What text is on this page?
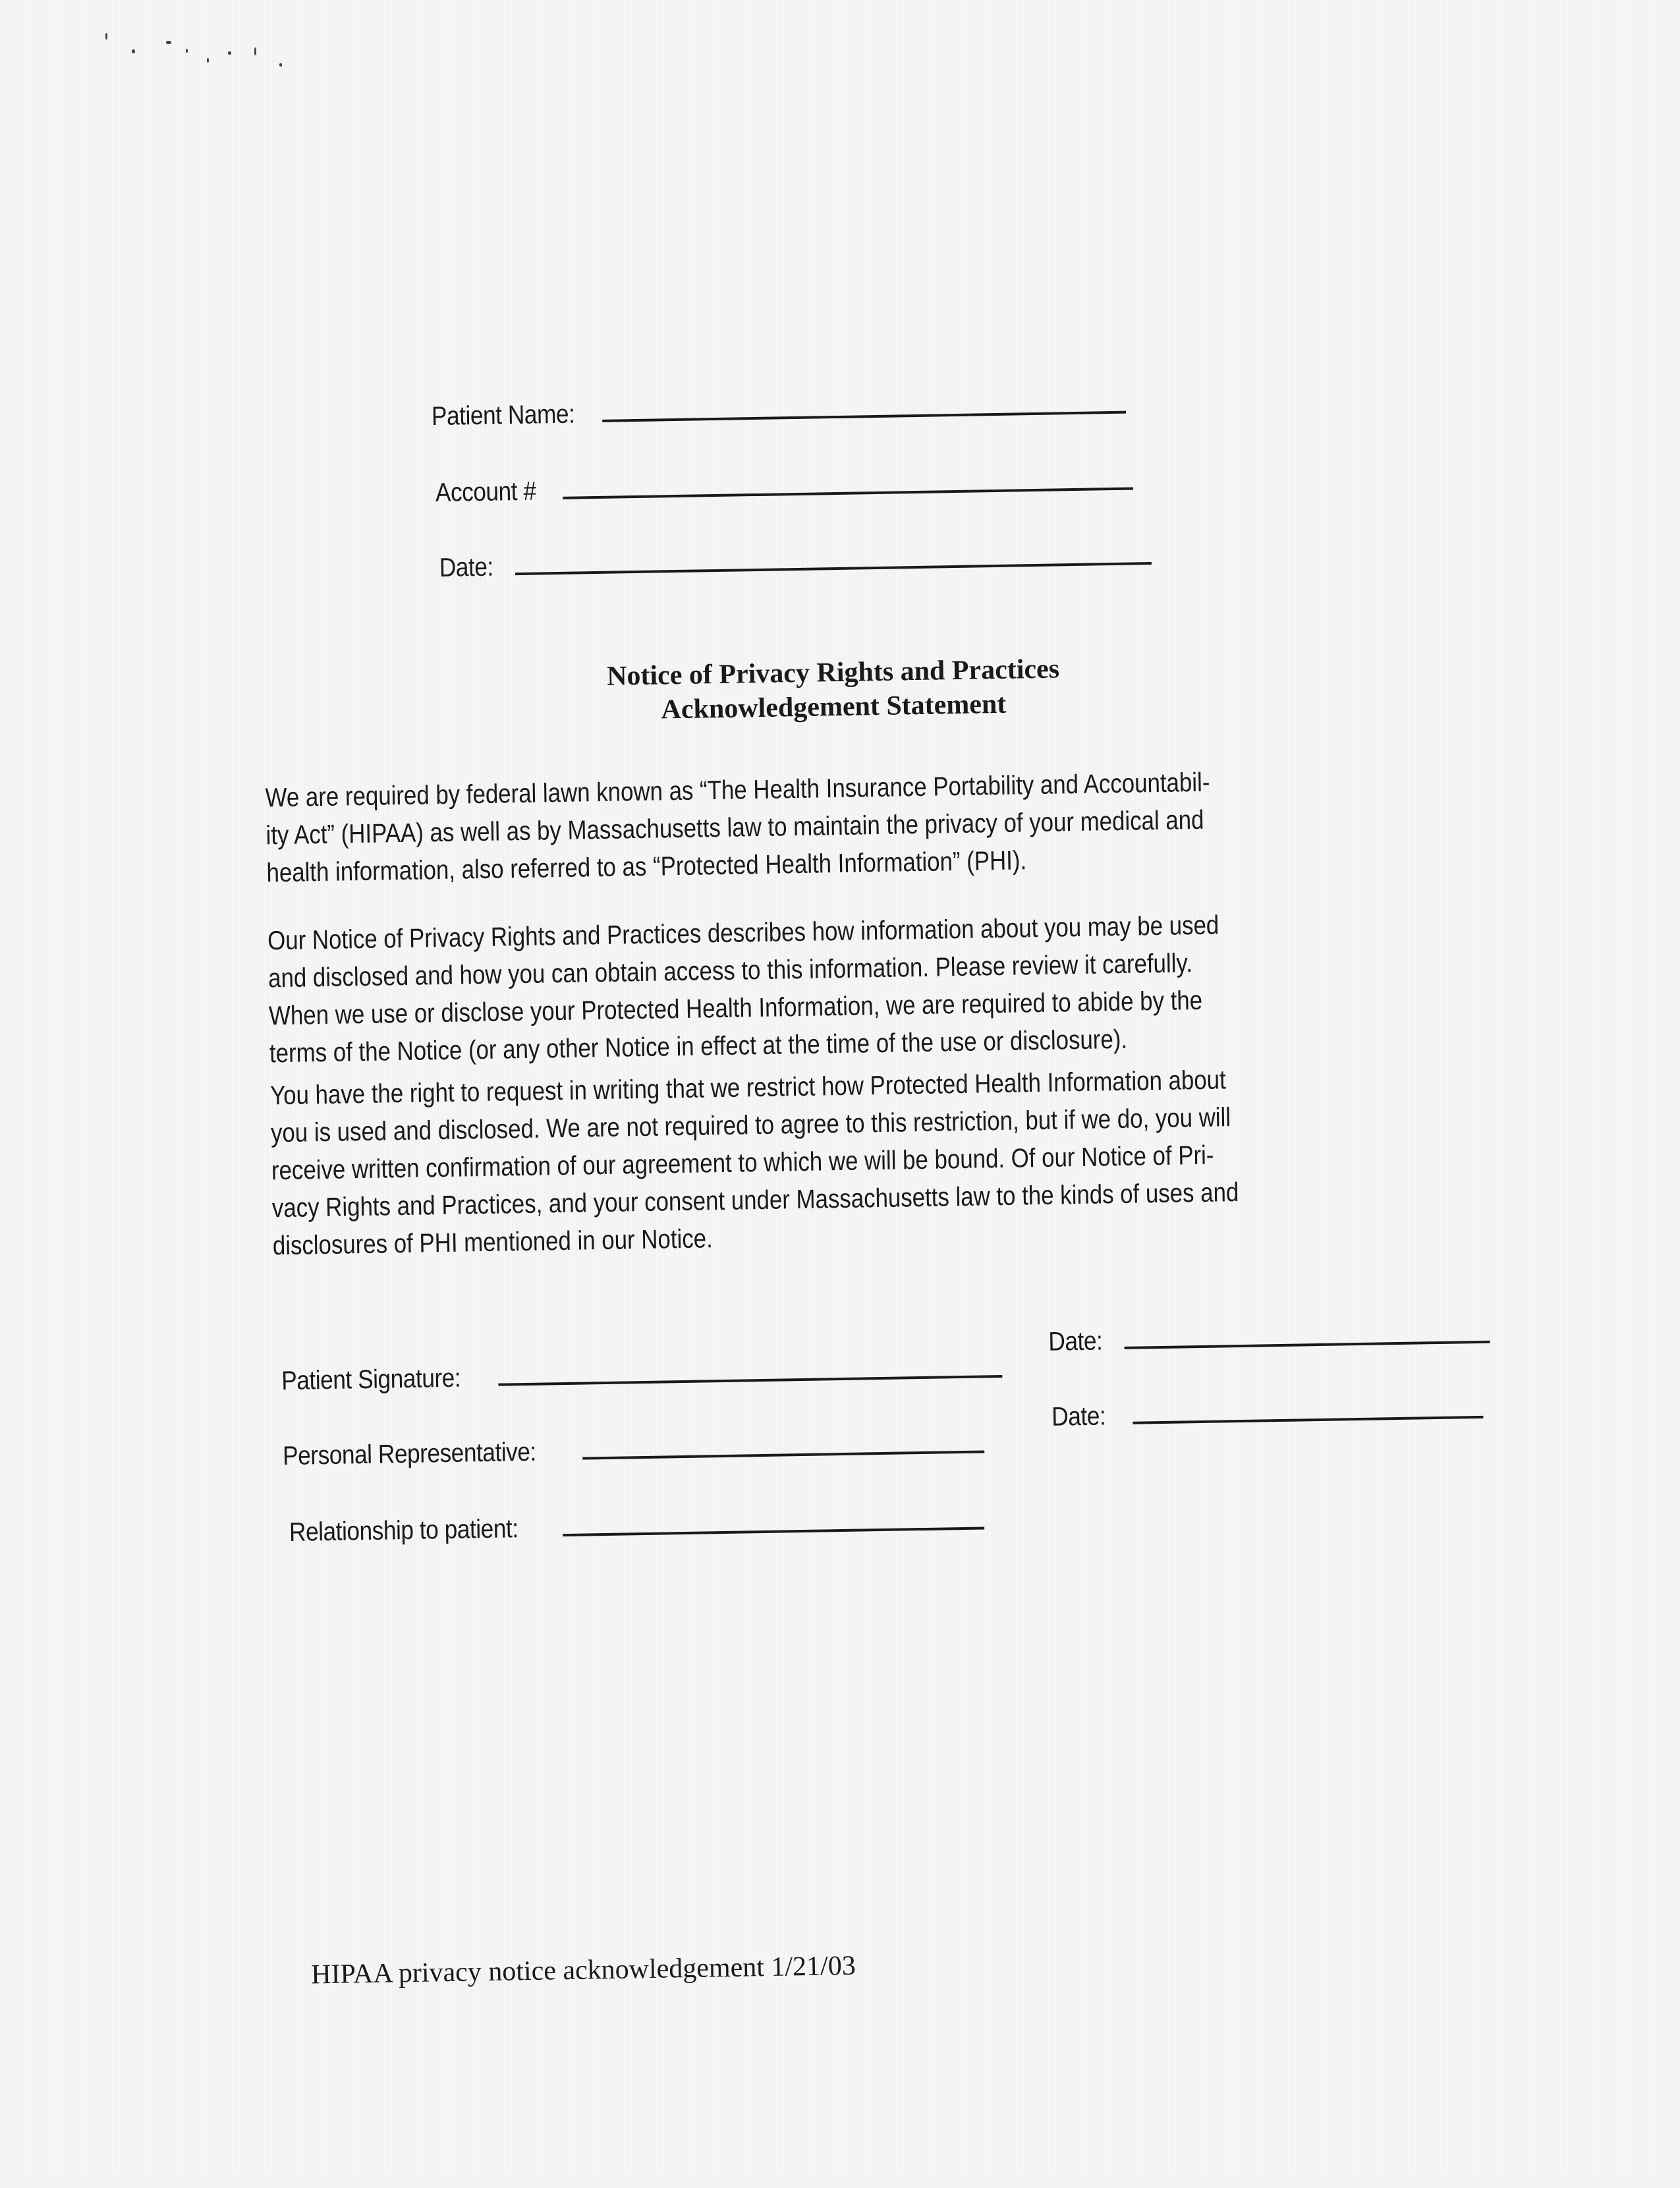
Patient Name:
Account #
Date:
Notice of Privacy Rights and Practices
Acknowledgement Statement
We are required by federal lawn known as “The Health Insurance Portability and Accountabil-
ity Act” (HIPAA) as well as by Massachusetts law to maintain the privacy of your medical and
health information, also referred to as “Protected Health Information” (PHI).
Our Notice of Privacy Rights and Practices describes how information about you may be used
and disclosed and how you can obtain access to this information. Please review it carefully.
When we use or disclose your Protected Health Information, we are required to abide by the
terms of the Notice (or any other Notice in effect at the time of the use or disclosure).
You have the right to request in writing that we restrict how Protected Health Information about
you is used and disclosed. We are not required to agree to this restriction, but if we do, you will
receive written confirmation of our agreement to which we will be bound. Of our Notice of Pri-
vacy Rights and Practices, and your consent under Massachusetts law to the kinds of uses and
disclosures of PHI mentioned in our Notice.
Patient Signature:
Date:
Personal Representative:
Date:
Relationship to patient:
HIPAA privacy notice acknowledgement 1/21/03
